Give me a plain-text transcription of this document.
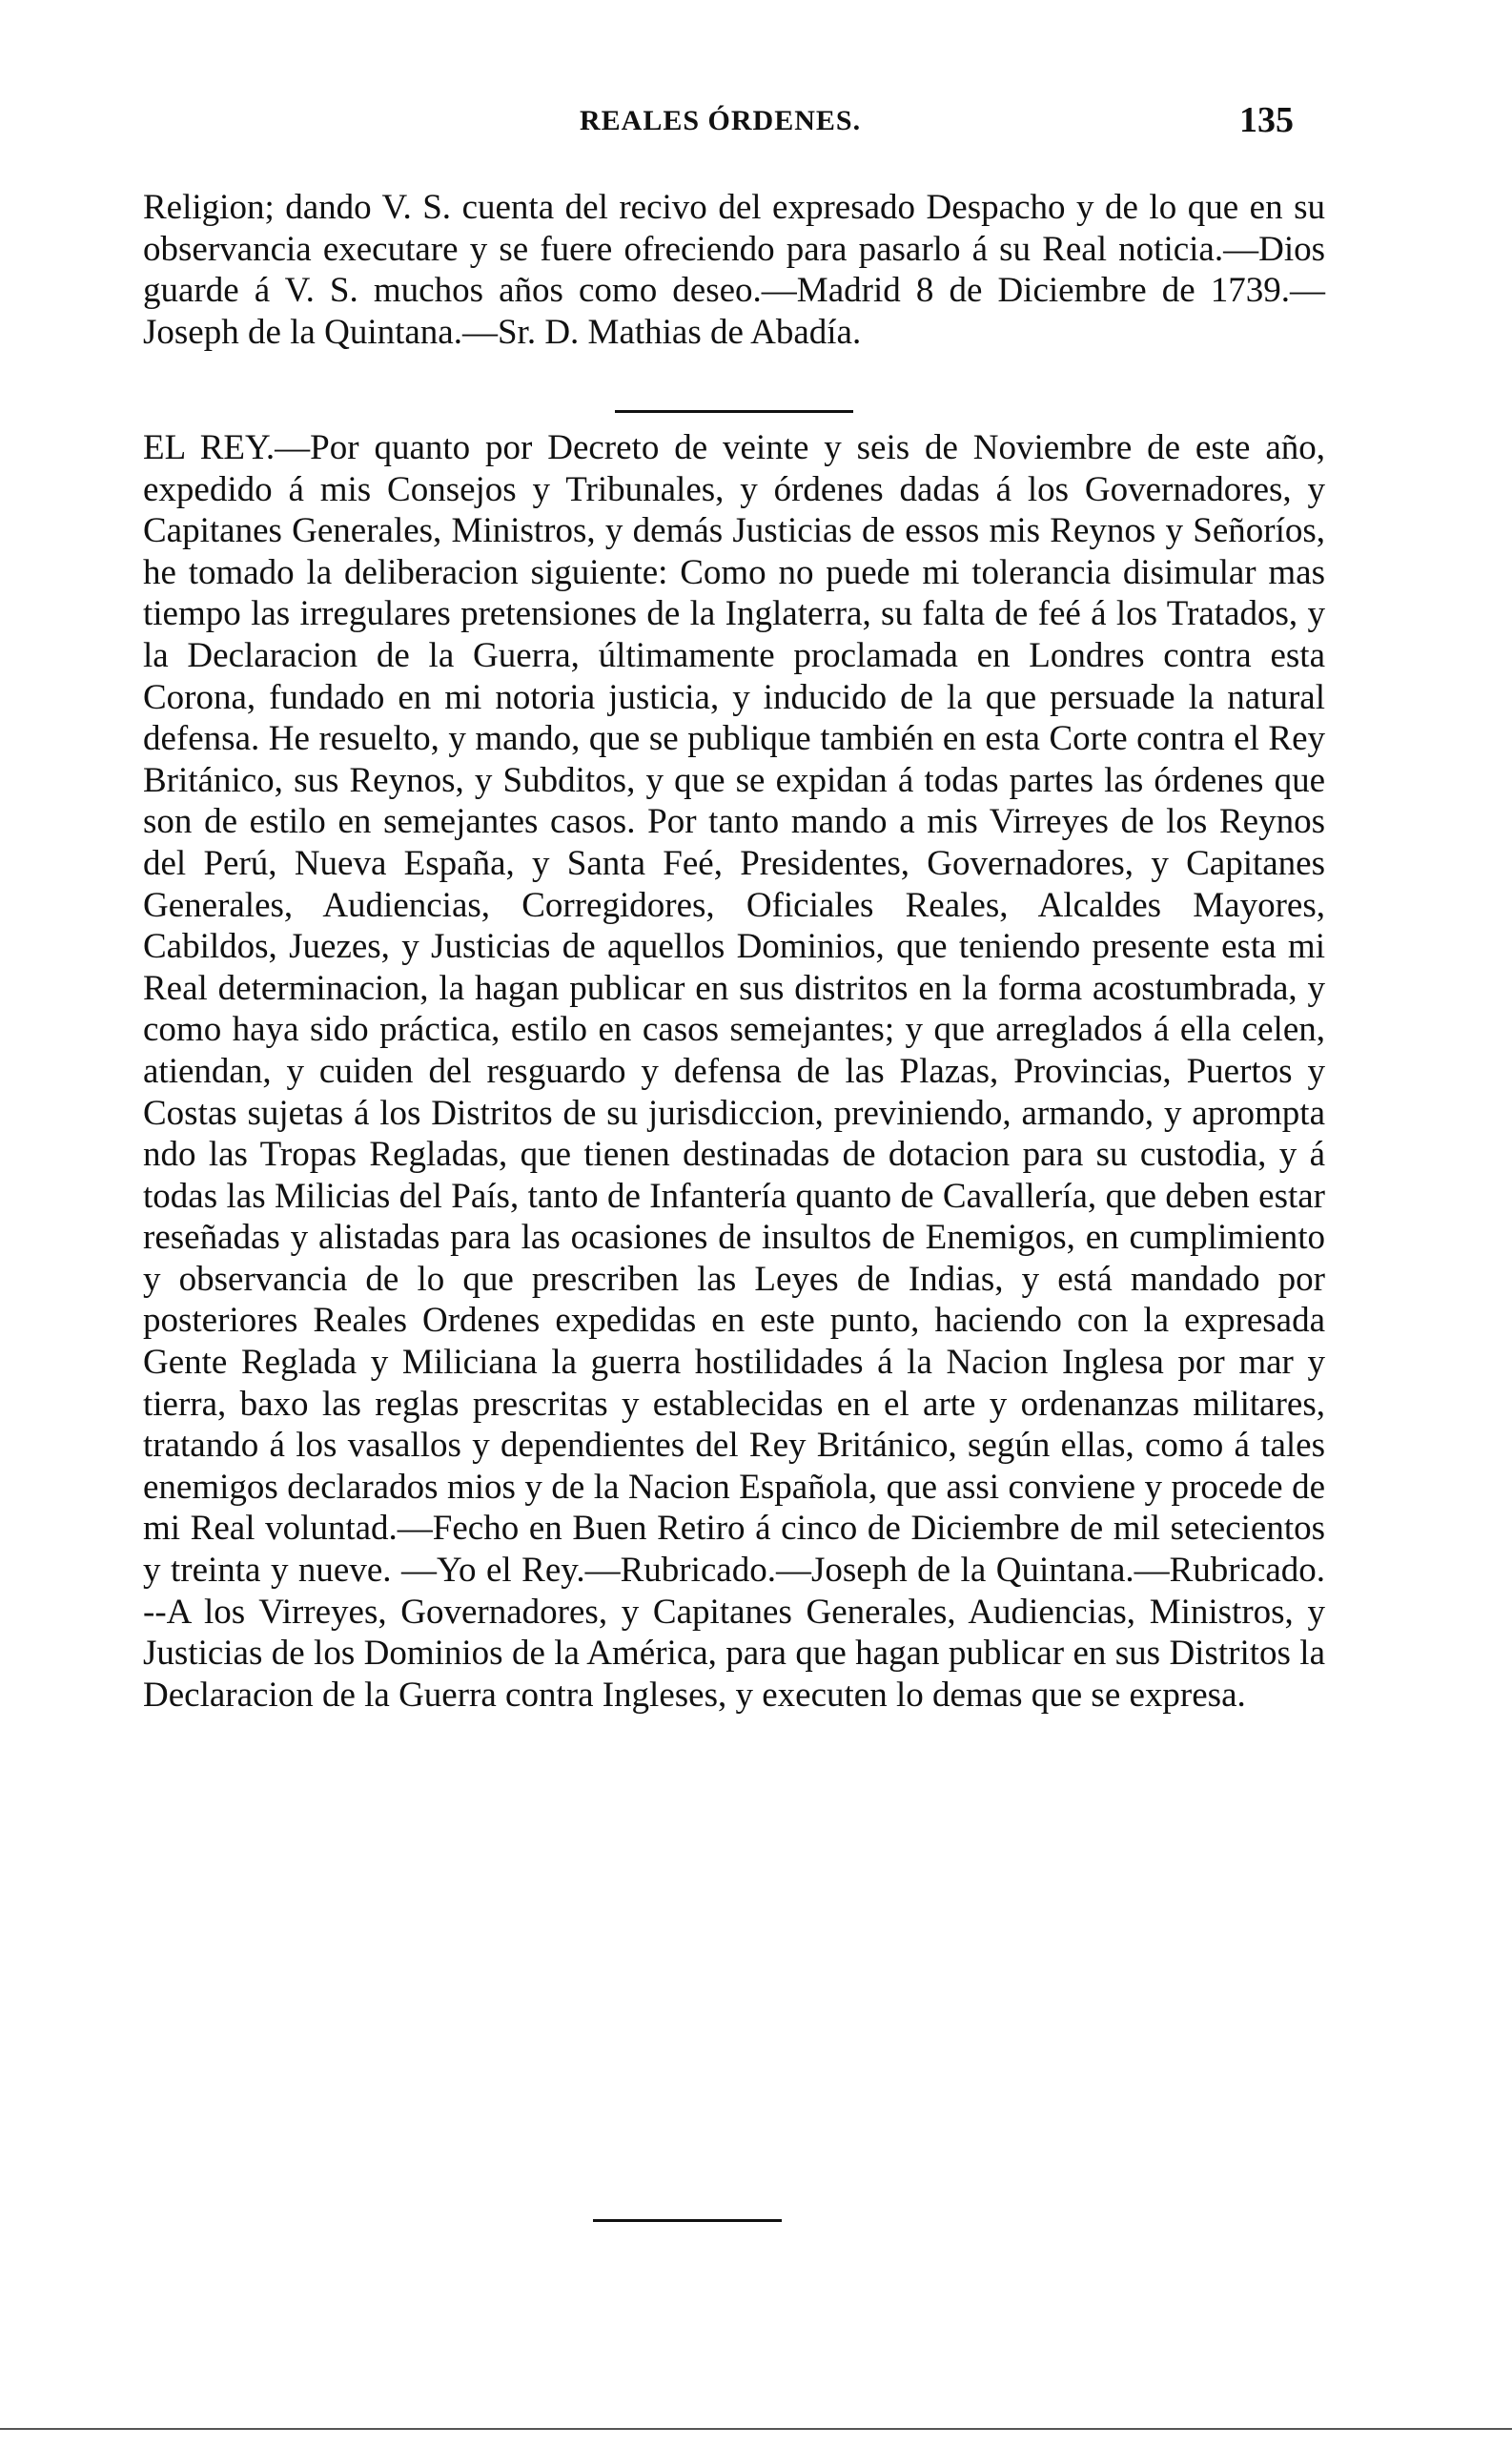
REALES ÓRDENES.	135

Religion; dando V. S. cuenta del recivo del expresado Despacho y de lo que en su observancia executare y se fuere ofreciendo para pasarlo á su Real noticia.—Dios guarde á V. S. muchos años como deseo.—Madrid 8 de Diciembre de 1739.—Joseph de la Quintana.—Sr. D. Mathias de Abadía.

EL REY.—Por quanto por Decreto de veinte y seis de Noviembre de este año, expedido á mis Consejos y Tribunales, y órdenes dadas á los Governadores, y Capitanes Generales, Ministros, y demás Justicias de essos mis Reynos y Señoríos, he tomado la deliberacion siguiente: Como no puede mi tolerancia disimular mas tiempo las irregulares pretensiones de la Inglaterra, su falta de feé á los Tratados, y la Declaracion de la Guerra, últimamente proclamada en Londres contra esta Corona, fundado en mi notoria justicia, y inducido de la que persuade la natural defensa. He resuelto, y mando, que se publique también en esta Corte contra el Rey Británico, sus Reynos, y Subditos, y que se expidan á todas partes las órdenes que son de estilo en semejantes casos. Por tanto mando a mis Virreyes de los Reynos del Perú, Nueva España, y Santa Feé, Presidentes, Governadores, y Capitanes Generales, Audiencias, Corregidores, Oficiales Reales, Alcaldes Mayores, Cabildos, Juezes, y Justicias de aquellos Dominios, que teniendo presente esta mi Real determinacion, la hagan publicar en sus distritos en la forma acostumbrada, y como haya sido práctica, estilo en casos semejantes; y que arreglados á ella celen, atiendan, y cuiden del resguardo y defensa de las Plazas, Provincias, Puertos y Costas sujetas á los Distritos de su jurisdiccion, previniendo, armando, y aprompta ndo las Tropas Regladas, que tienen destinadas de dotacion para su custodia, y á todas las Milicias del País, tanto de Infantería quanto de Cavallería, que deben estar reseñadas y alistadas para las ocasiones de insultos de Enemigos, en cumplimiento y observancia de lo que prescriben las Leyes de Indias, y está mandado por posteriores Reales Ordenes expedidas en este punto, haciendo con la expresada Gente Reglada y Miliciana la guerra hostilidades á la Nacion Inglesa por mar y tierra, baxo las reglas prescritas y establecidas en el arte y ordenanzas militares, tratando á los vasallos y dependientes del Rey Británico, según ellas, como á tales enemigos declarados mios y de la Nacion Española, que assi conviene y procede de mi Real voluntad.—Fecho en Buen Retiro á cinco de Diciembre de mil setecientos y treinta y nueve. —Yo el Rey.—Rubricado.—Joseph de la Quintana.—Rubricado. --A los Virreyes, Governadores, y Capitanes Generales, Audiencias, Ministros, y Justicias de los Dominios de la América, para que hagan publicar en sus Distritos la Declaracion de la Guerra contra Ingleses, y executen lo demas que se expresa.
